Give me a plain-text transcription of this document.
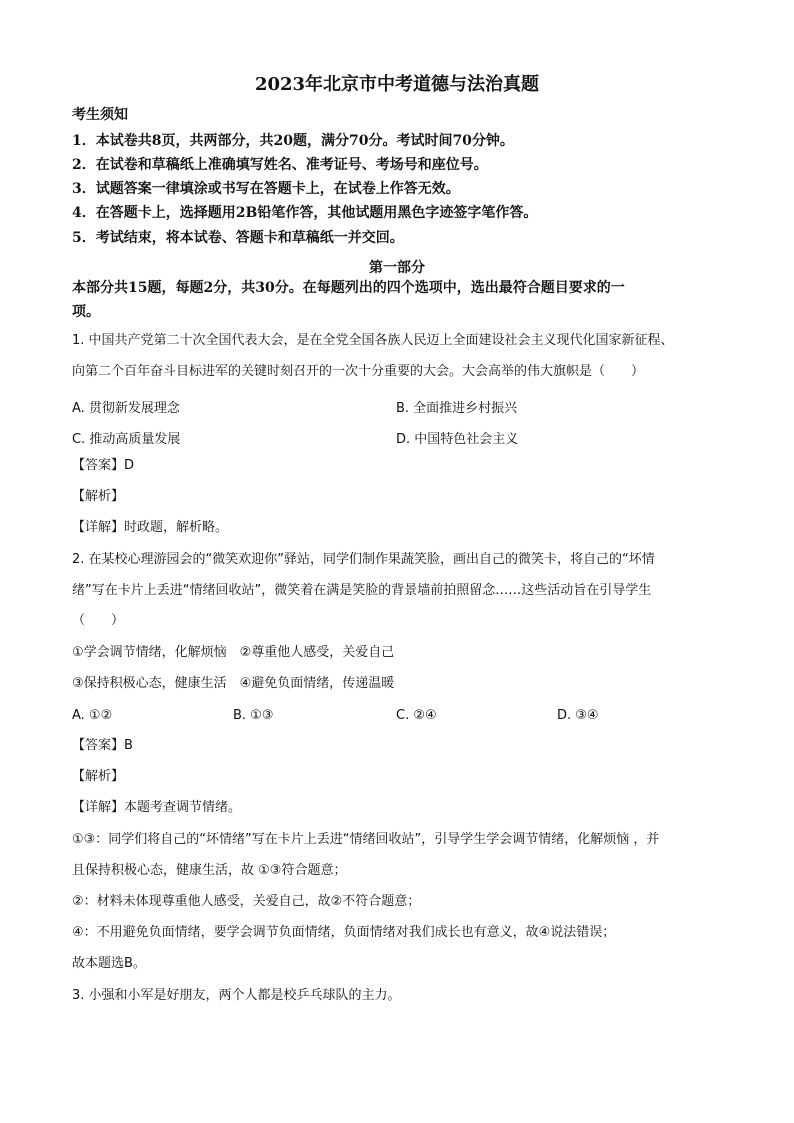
2023年北京市中考道德与法治真题
考生须知
1．本试卷共8页，共两部分，共20题，满分70分。考试时间70分钟。
2．在试卷和草稿纸上准确填写姓名、准考证号、考场号和座位号。
3．试题答案一律填涂或书写在答题卡上，在试卷上作答无效。
4．在答题卡上，选择题用2B铅笔作答，其他试题用黑色字迹签字笔作答。
5．考试结束，将本试卷、答题卡和草稿纸一并交回。
第一部分
本部分共15题，每题2分，共30分。在每题列出的四个选项中，选出最符合题目要求的一
项。
1. 中国共产党第二十次全国代表大会，是在全党全国各族人民迈上全面建设社会主义现代化国家新征程、
向第二个百年奋斗目标进军的关键时刻召开的一次十分重要的大会。大会高举的伟大旗帜是（　　）
A. 贯彻新发展理念	B. 全面推进乡村振兴
C. 推动高质量发展	D. 中国特色社会主义
【答案】D
【解析】
【详解】时政题，解析略。
2. 在某校心理游园会的“微笑欢迎你”驿站，同学们制作果蔬笑脸，画出自己的微笑卡，将自己的“坏情
绪”写在卡片上丢进“情绪回收站”，微笑着在满是笑脸的背景墙前拍照留念……这些活动旨在引导学生
（　　）
①学会调节情绪，化解烦恼　②尊重他人感受，关爱自己
③保持积极心态，健康生活　④避免负面情绪，传递温暖
A. ①②	B. ①③	C. ②④	D. ③④
【答案】B
【解析】
【详解】本题考查调节情绪。
①③：同学们将自己的“坏情绪”写在卡片上丢进“情绪回收站”，引导学生学会调节情绪，化解烦恼 ，并
且保持积极心态，健康生活，故 ①③符合题意；
②：材料未体现尊重他人感受，关爱自己，故②不符合题意；
④：不用避免负面情绪，要学会调节负面情绪，负面情绪对我们成长也有意义，故④说法错误；
故本题选B。
3. 小强和小军是好朋友，两个人都是校乒乓球队的主力。
